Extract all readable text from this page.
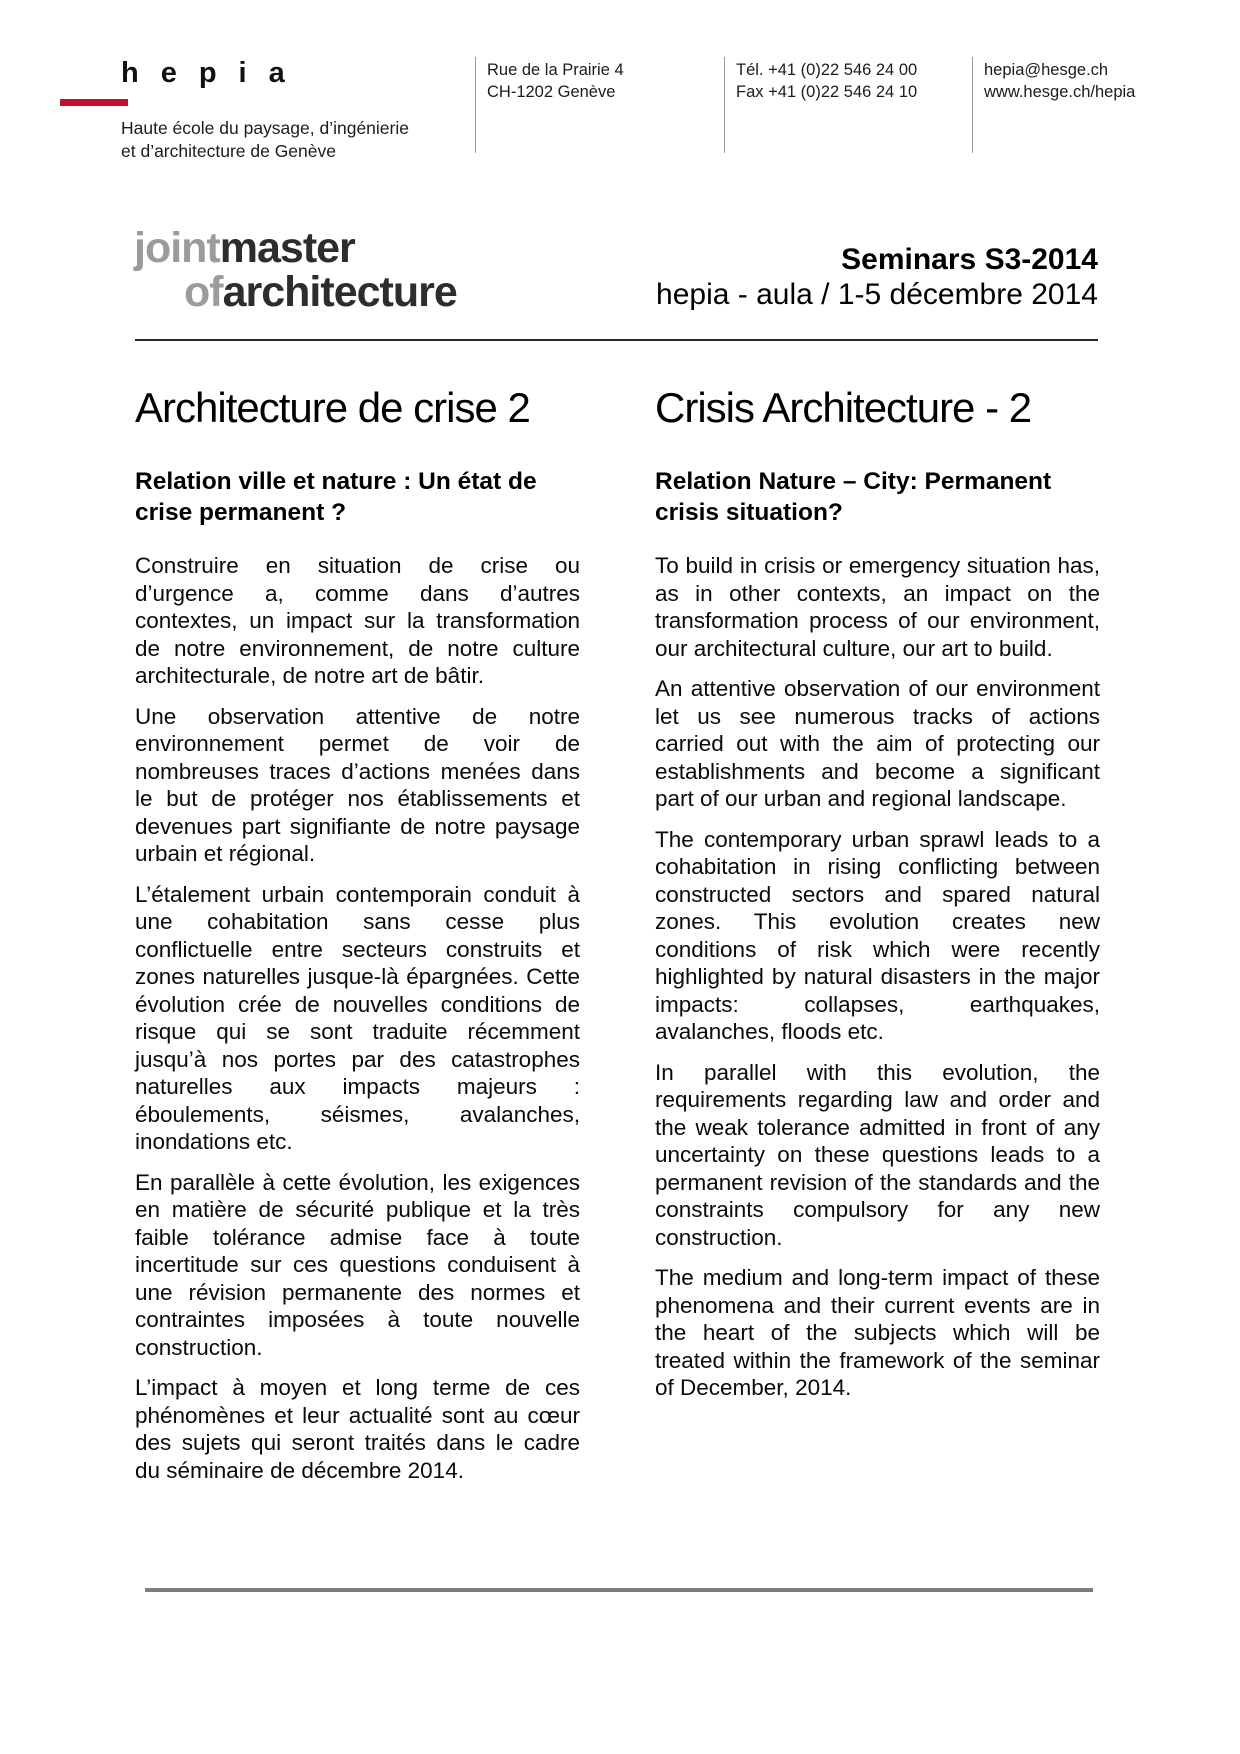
hepia
Haute école du paysage, d’ingénierie
et d’architecture de Genève
Rue de la Prairie 4
CH-1202 Genève
Tél. +41 (0)22 546 24 00
Fax +41 (0)22 546 24 10
hepia@hesge.ch
www.hesge.ch/hepia
jointmaster
ofarchitecture
Seminars S3-2014
hepia - aula / 1-5 décembre 2014
Architecture de crise 2
Relation ville et nature : Un état de crise permanent ?

Construire en situation de crise ou d’urgence a, comme dans d’autres contextes, un impact sur la transformation de notre environnement, de notre culture architecturale, de notre art de bâtir.

Une observation attentive de notre environnement permet de voir de nombreuses traces d’actions menées dans le but de protéger nos établissements et devenues part signifiante de notre paysage urbain et régional.

L’étalement urbain contemporain conduit à une cohabitation sans cesse plus conflictuelle entre secteurs construits et zones naturelles jusque-là épargnées. Cette évolution crée de nouvelles conditions de risque qui se sont traduite récemment jusqu’à nos portes par des catastrophes naturelles aux impacts majeurs : éboulements, séismes, avalanches, inondations etc.

En parallèle à cette évolution, les exigences en matière de sécurité publique et la très faible tolérance admise face à toute incertitude sur ces questions conduisent à une révision permanente des normes et contraintes imposées à toute nouvelle construction.

L’impact à moyen et long terme de ces phénomènes et leur actualité sont au cœur des sujets qui seront traités dans le cadre du séminaire de décembre 2014.

Crisis Architecture - 2
Relation Nature – City: Permanent crisis situation?

To build in crisis or emergency situation has, as in other contexts, an impact on the transformation process of our environment, our architectural culture, our art to build.

An attentive observation of our environment let us see numerous tracks of actions carried out with the aim of protecting our establishments and become a significant part of our urban and regional landscape.

The contemporary urban sprawl leads to a cohabitation in rising conflicting between constructed sectors and spared natural zones. This evolution creates new conditions of risk which were recently highlighted by natural disasters in the major impacts: collapses, earthquakes, avalanches, floods etc.

In parallel with this evolution, the requirements regarding law and order and the weak tolerance admitted in front of any uncertainty on these questions leads to a permanent revision of the standards and the constraints compulsory for any new construction.

The medium and long-term impact of these phenomena and their current events are in the heart of the subjects which will be treated within the framework of the seminar of December, 2014.
